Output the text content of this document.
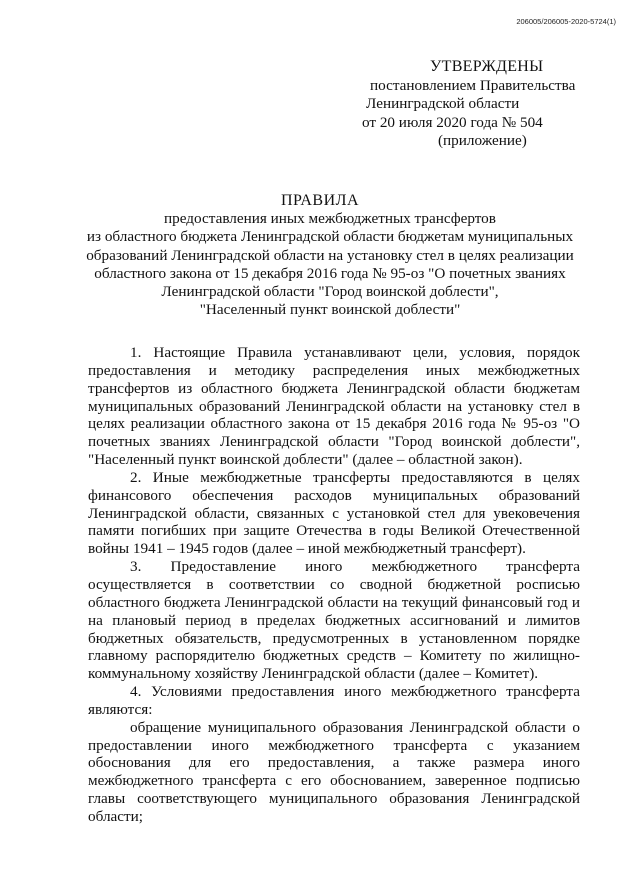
206005/206005-2020-5724(1)
УТВЕРЖДЕНЫ
постановлением Правительства
Ленинградской области
от 20 июля 2020 года № 504
(приложение)
ПРАВИЛА
предоставления иных межбюджетных трансфертов
из областного бюджета Ленинградской области бюджетам муниципальных
образований Ленинградской области на установку стел в целях реализации
областного закона от 15 декабря 2016 года № 95-оз "О почетных званиях
Ленинградской области "Город воинской доблести",
"Населенный пункт воинской доблести"

1. Настоящие Правила устанавливают цели, условия, порядок предоставления и методику распределения иных межбюджетных трансфертов из областного бюджета Ленинградской области бюджетам муниципальных образований Ленинградской области на установку стел в целях реализации областного закона от 15 декабря 2016 года № 95-оз "О почетных званиях Ленинградской области "Город воинской доблести", "Населенный пункт воинской доблести" (далее – областной закон).

2. Иные межбюджетные трансферты предоставляются в целях финансового обеспечения расходов муниципальных образований Ленинградской области, связанных с установкой стел для увековечения памяти погибших при защите Отечества в годы Великой Отечественной войны 1941 – 1945 годов (далее – иной межбюджетный трансферт).

3. Предоставление иного межбюджетного трансферта осуществляется в соответствии со сводной бюджетной росписью областного бюджета Ленинградской области на текущий финансовый год и на плановый период в пределах бюджетных ассигнований и лимитов бюджетных обязательств, предусмотренных в установленном порядке главному распорядителю бюджетных средств – Комитету по жилищно-коммунальному хозяйству Ленинградской области (далее – Комитет).

4. Условиями предоставления иного межбюджетного трансферта являются:

обращение муниципального образования Ленинградской области о предоставлении иного межбюджетного трансферта с указанием обоснования для его предоставления, а также размера иного межбюджетного трансферта с его обоснованием, заверенное подписью главы соответствующего муниципального образования Ленинградской области;
